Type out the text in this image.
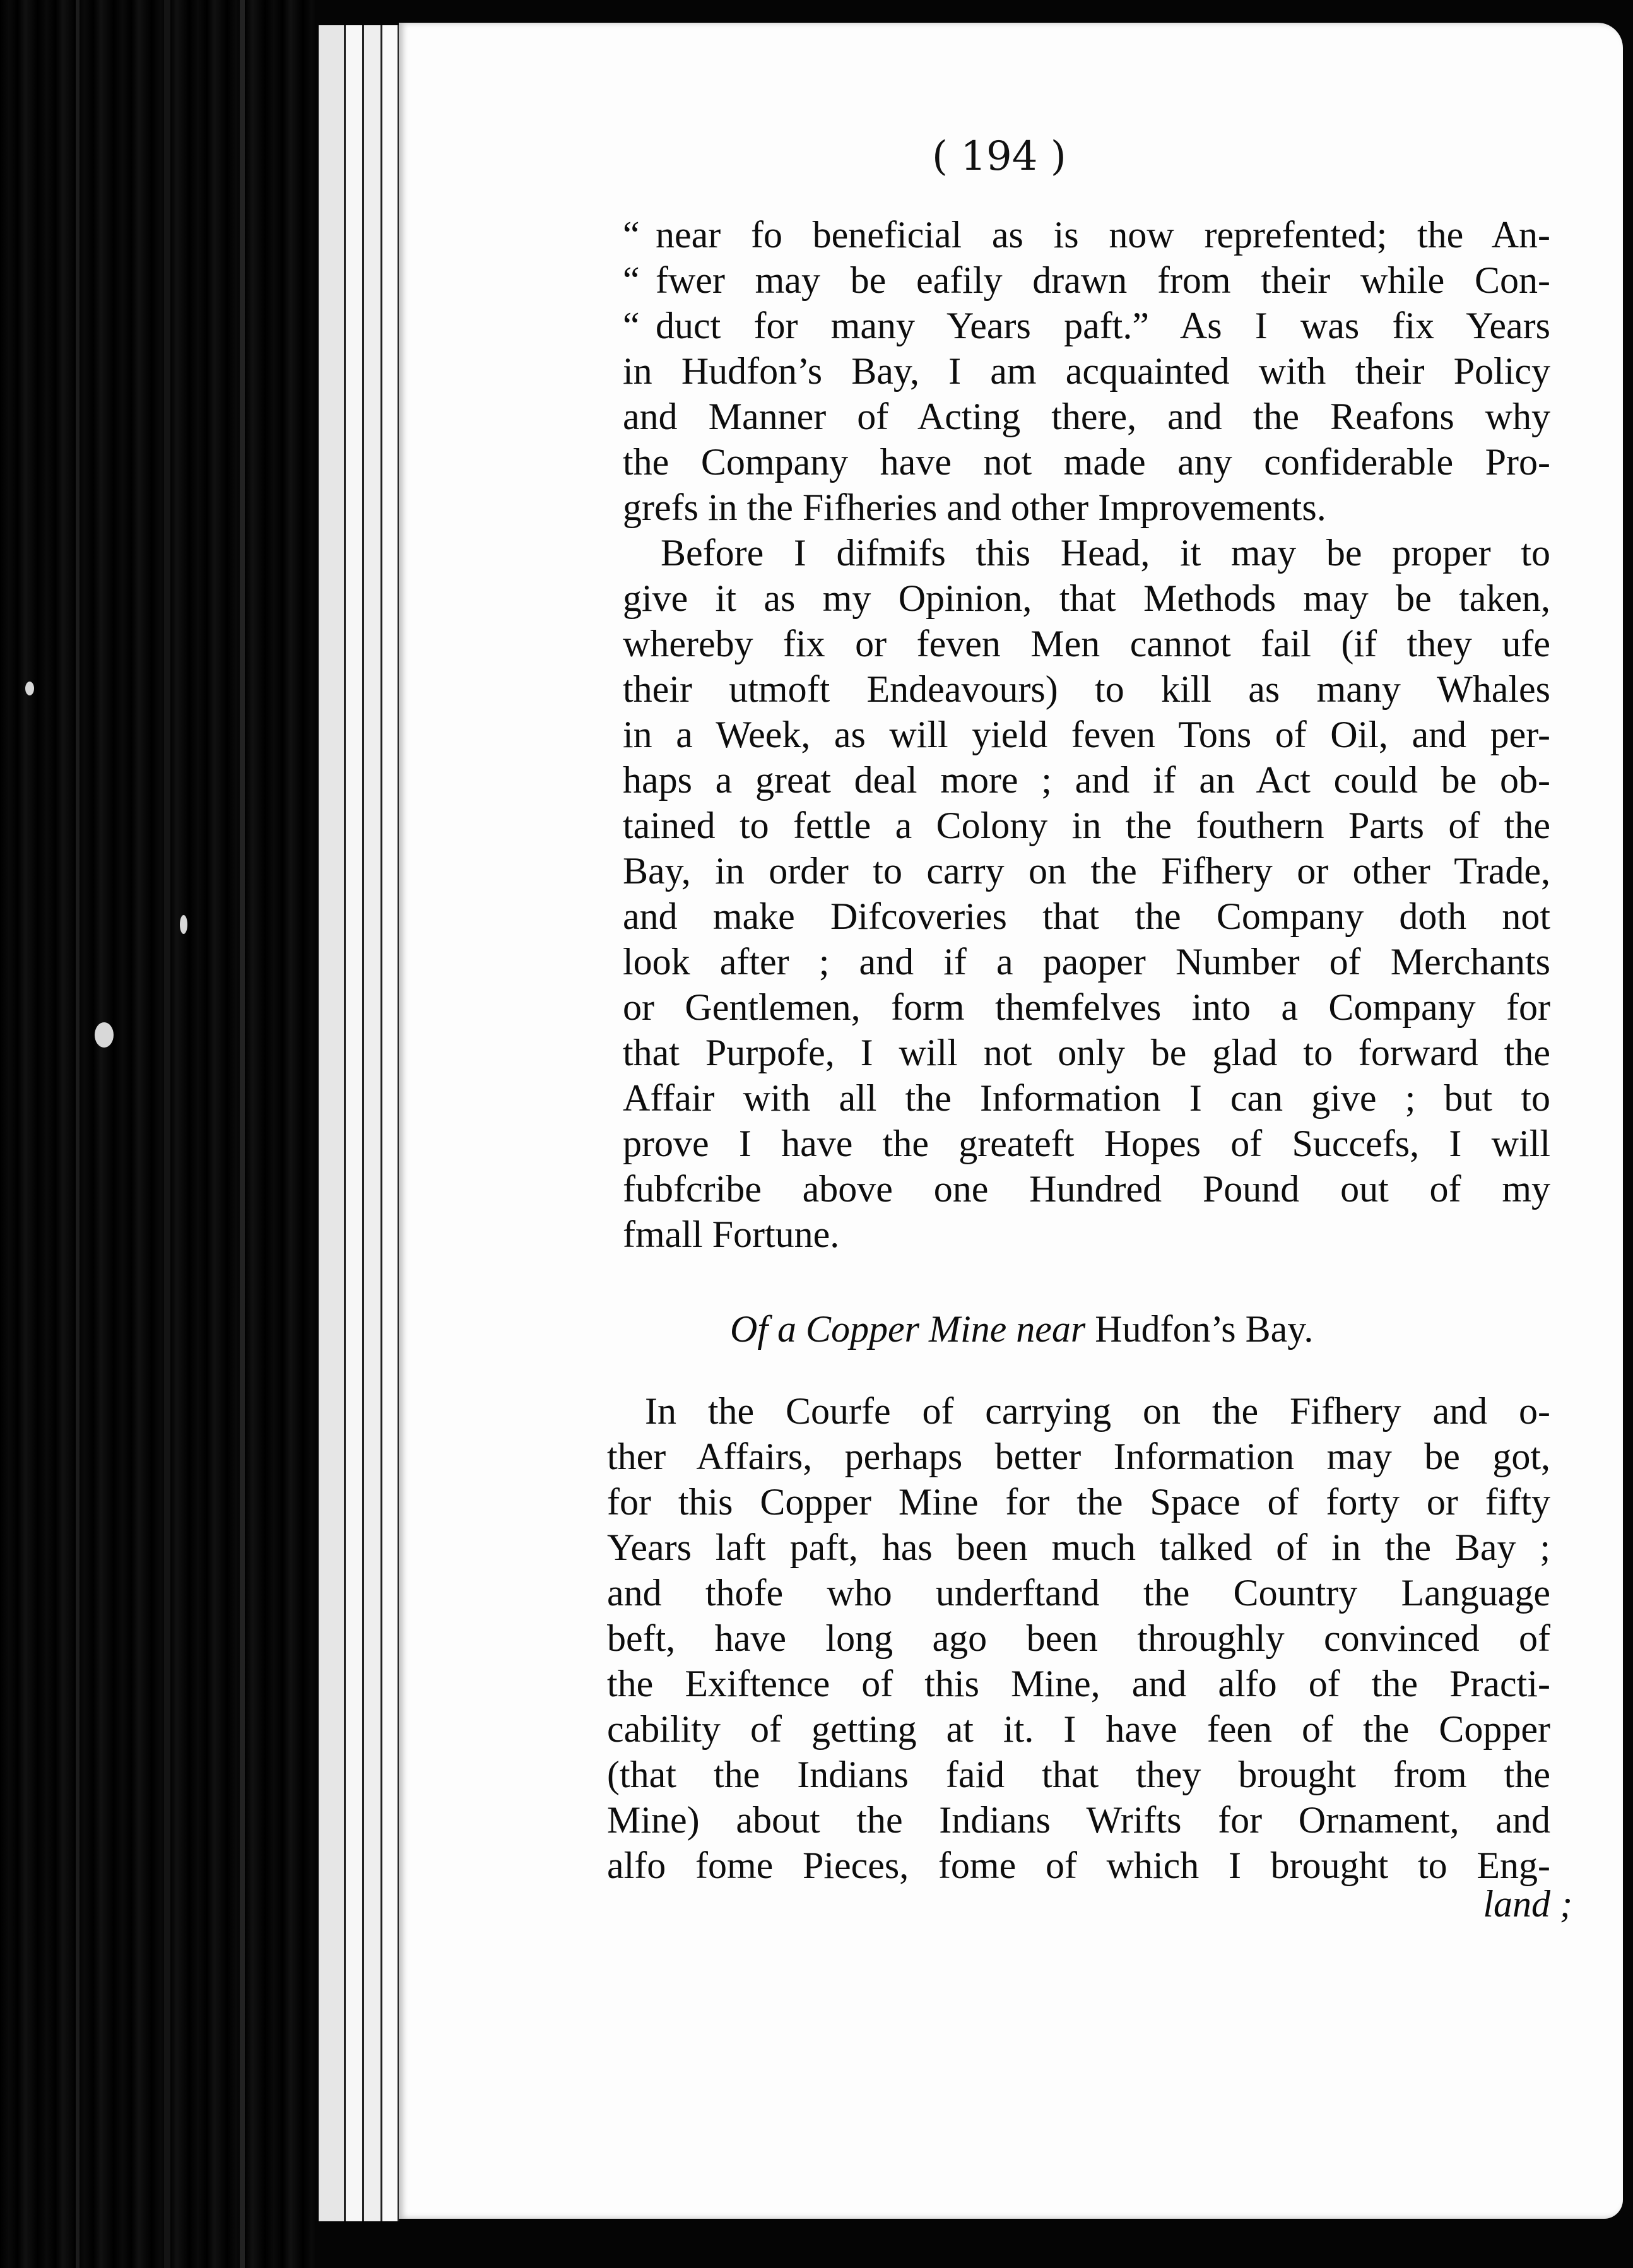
( 194 )
“ near fo beneficial as is now reprefented; the An-
“ fwer may be eafily drawn from their while Con-
“ duct for many Years paft.” As I was fix Years
in Hudfon’s Bay, I am acquainted with their Policy
and Manner of Acting there, and the Reafons why
the Company have not made any confiderable Pro-
grefs in the Fifheries and other Improvements.
Before I difmifs this Head, it may be proper to
give it as my Opinion, that Methods may be taken,
whereby fix or feven Men cannot fail (if they ufe
their utmoft Endeavours) to kill as many Whales
in a Week, as will yield feven Tons of Oil, and per-
haps a great deal more ; and if an Act could be ob-
tained to fettle a Colony in the fouthern Parts of the
Bay, in order to carry on the Fifhery or other Trade,
and make Difcoveries that the Company doth not
look after ; and if a paoper Number of Merchants
or Gentlemen, form themfelves into a Company for
that Purpofe, I will not only be glad to forward the
Affair with all the Information I can give ; but to
prove I have the greateft Hopes of Succefs, I will
fubfcribe above one Hundred Pound out of my
fmall Fortune.
Of a Copper Mine near Hudfon’s Bay.
In the Courfe of carrying on the Fifhery and o-
ther Affairs, perhaps better Information may be got,
for this Copper Mine for the Space of forty or fifty
Years laft paft, has been much talked of in the Bay ;
and thofe who underftand the Country Language
beft, have long ago been throughly convinced of
the Exiftence of this Mine, and alfo of the Practi-
cability of getting at it. I have feen of the Copper
(that the Indians faid that they brought from the
Mine) about the Indians Wrifts for Ornament, and
alfo fome Pieces, fome of which I brought to Eng-
land ;
